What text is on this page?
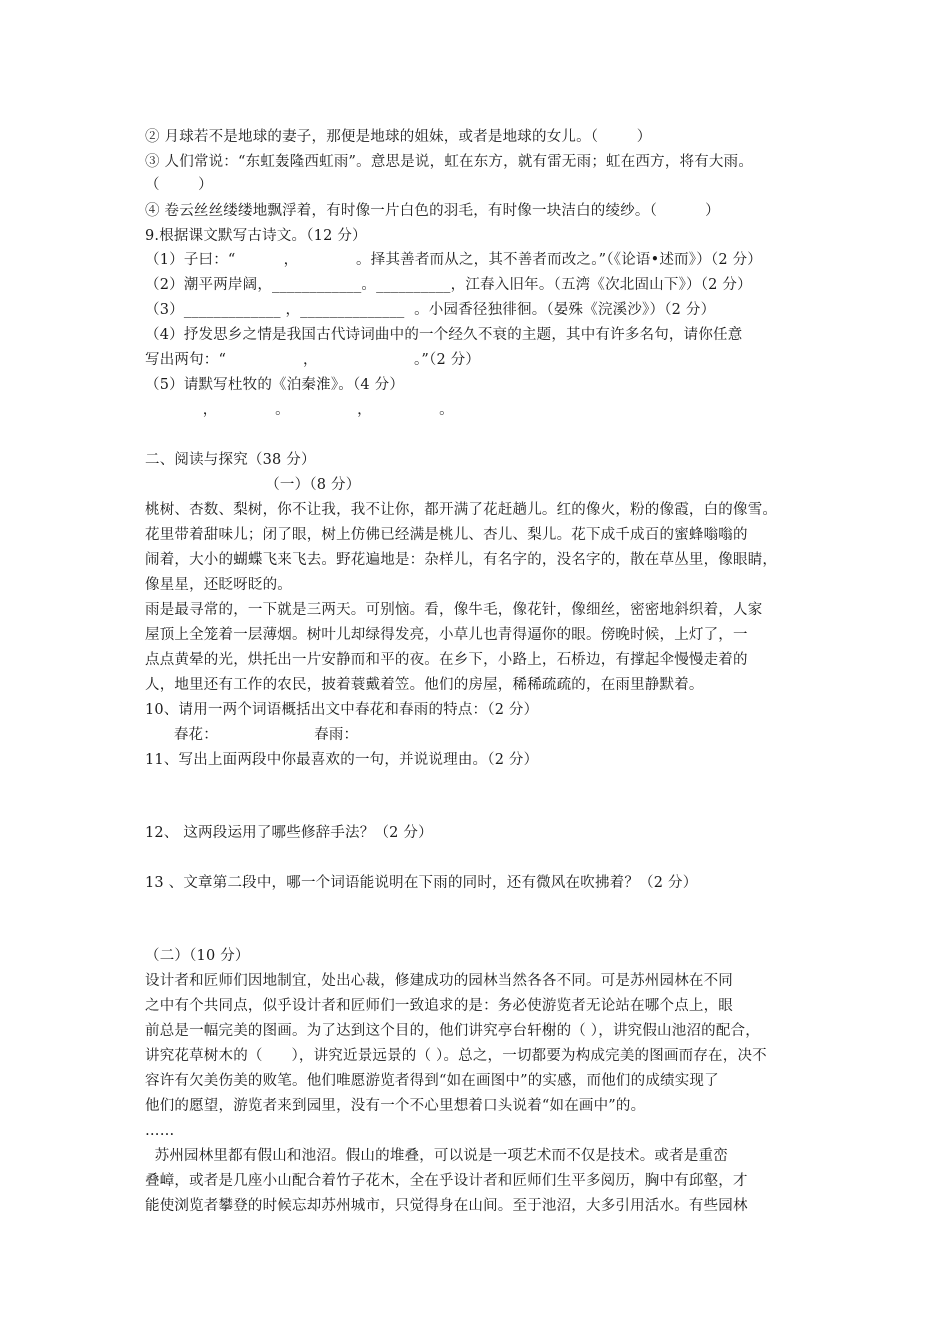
② 月球若不是地球的妻子，那便是地球的姐妹，或者是地球的女儿。（        ）
③ 人们常说：“东虹轰隆西虹雨”。意思是说，虹在东方，就有雷无雨；虹在西方，将有大雨。
（        ）
④ 卷云丝丝缕缕地飘浮着，有时像一片白色的羽毛，有时像一块洁白的绫纱。（          ）
9.根据课文默写古诗文。（12 分）
（1）子曰：“          ，            。择其善者而从之，其不善者而改之。”（《论语•述而》）（2 分）
（2）潮平两岸阔，____________。__________，江春入旧年。（五湾《次北固山下》）（2 分）
（3）_____________ ，______________  。小园香径独徘徊。（晏殊《浣溪沙》）（2 分）
（4）抒发思乡之情是我国古代诗词曲中的一个经久不衰的主题，其中有许多名句，请你任意
写出两句：“                ，                    。”（2 分）
（5）请默写杜牧的《泊秦淮》。（4 分）
，            。              ，              。
二、阅读与探究（38 分）
（一）（8 分）
桃树、杏数、梨树，你不让我，我不让你，都开满了花赶趟儿。红的像火，粉的像霞，白的像雪。
花里带着甜味儿；闭了眼，树上仿佛已经满是桃儿、杏儿、梨儿。花下成千成百的蜜蜂嗡嗡的
闹着，大小的蝴蝶飞来飞去。野花遍地是：杂样儿，有名字的，没名字的，散在草丛里，像眼睛，
像星星，还眨呀眨的。
雨是最寻常的，一下就是三两天。可别恼。看，像牛毛，像花针，像细丝，密密地斜织着，人家
屋顶上全笼着一层薄烟。树叶儿却绿得发亮，小草儿也青得逼你的眼。傍晚时候，上灯了，一
点点黄晕的光，烘托出一片安静而和平的夜。在乡下，小路上，石桥边，有撑起伞慢慢走着的
人，地里还有工作的农民，披着蓑戴着笠。他们的房屋，稀稀疏疏的，在雨里静默着。
10、请用一两个词语概括出文中春花和春雨的特点：（2 分）
春花：                    春雨：
11、写出上面两段中你最喜欢的一句，并说说理由。（2 分）
12、 这两段运用了哪些修辞手法？（2 分）
13 、文章第二段中，哪一个词语能说明在下雨的同时，还有微风在吹拂着？（2 分）
（二）（10 分）
设计者和匠师们因地制宜，处出心裁，修建成功的园林当然各各不同。可是苏州园林在不同
之中有个共同点，似乎设计者和匠师们一致追求的是：务必使游览者无论站在哪个点上，眼
前总是一幅完美的图画。为了达到这个目的，他们讲究亭台轩榭的（ ），讲究假山池沼的配合，
讲究花草树木的（      ），讲究近景远景的（ ）。总之，一切都要为构成完美的图画而存在，决不
容许有欠美伤美的败笔。他们唯愿游览者得到“如在画图中”的实感，而他们的成绩实现了
他们的愿望，游览者来到园里，没有一个不心里想着口头说着“如在画中”的。
……
苏州园林里都有假山和池沼。假山的堆叠，可以说是一项艺术而不仅是技术。或者是重峦
叠嶂，或者是几座小山配合着竹子花木，全在乎设计者和匠师们生平多阅历，胸中有邱壑，才
能使浏览者攀登的时候忘却苏州城市，只觉得身在山间。至于池沼，大多引用活水。有些园林
